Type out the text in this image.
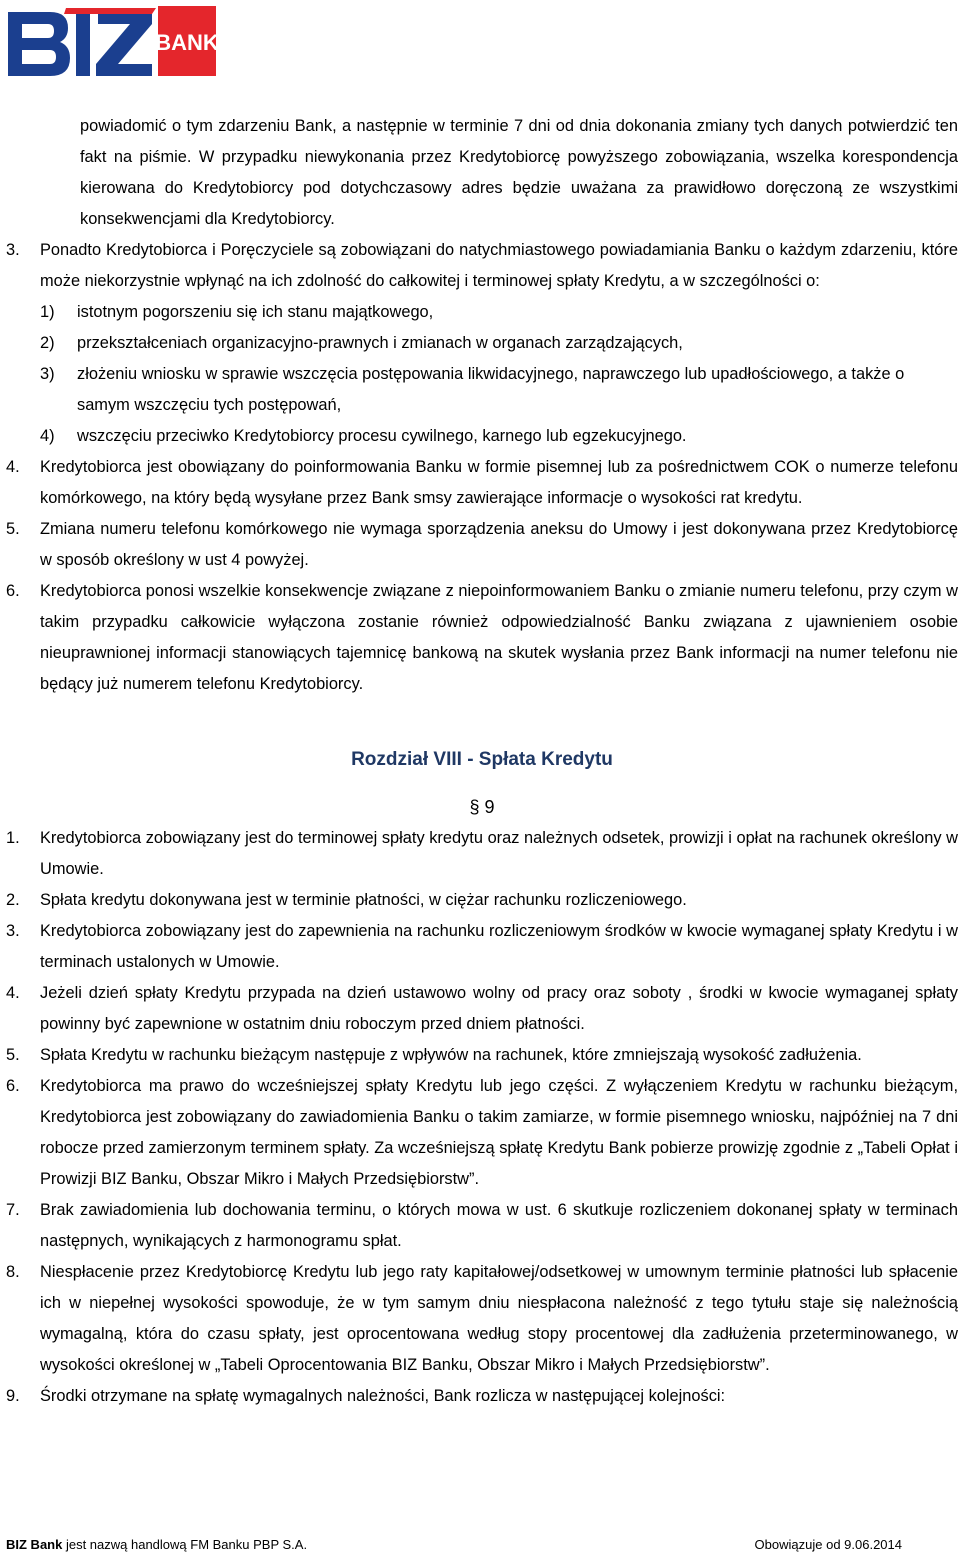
BANK

powiadomić o tym zdarzeniu Bank, a następnie w terminie 7 dni od dnia dokonania zmiany tych danych potwierdzić ten fakt na piśmie. W przypadku niewykonania przez Kredytobiorcę powyższego zobowiązania, wszelka korespondencja kierowana do Kredytobiorcy pod dotychczasowy adres będzie uważana za prawidłowo doręczoną ze wszystkimi konsekwencjami dla Kredytobiorcy.

3. Ponadto Kredytobiorca i Poręczyciele są zobowiązani do natychmiastowego powiadamiania Banku o każdym zdarzeniu, które może niekorzystnie wpłynąć na ich zdolność do całkowitej i terminowej spłaty Kredytu, a w szczególności o:
1) istotnym pogorszeniu się ich stanu majątkowego,
2) przekształceniach organizacyjno-prawnych i zmianach w organach zarządzających,
3) złożeniu wniosku w sprawie wszczęcia postępowania likwidacyjnego, naprawczego lub upadłościowego, a także o samym wszczęciu tych postępowań,
4) wszczęciu przeciwko Kredytobiorcy procesu cywilnego, karnego lub egzekucyjnego.
4. Kredytobiorca jest obowiązany do poinformowania Banku w formie pisemnej lub za pośrednictwem COK o numerze telefonu komórkowego, na który będą wysyłane przez Bank smsy zawierające informacje o wysokości rat kredytu.
5. Zmiana numeru telefonu komórkowego nie wymaga sporządzenia aneksu do Umowy i jest dokonywana przez Kredytobiorcę w sposób określony w ust 4 powyżej.
6. Kredytobiorca ponosi wszelkie konsekwencje związane z niepoinformowaniem Banku o zmianie numeru telefonu, przy czym w takim przypadku całkowicie wyłączona zostanie również odpowiedzialność Banku związana z ujawnieniem osobie nieuprawnionej informacji stanowiących tajemnicę bankową na skutek wysłania przez Bank informacji na numer telefonu nie będący już numerem telefonu Kredytobiorcy.
Rozdział VIII - Spłata Kredytu
§ 9
1. Kredytobiorca zobowiązany jest do terminowej spłaty kredytu oraz należnych odsetek, prowizji i opłat na rachunek określony w Umowie.
2. Spłata kredytu dokonywana jest w terminie płatności, w ciężar rachunku rozliczeniowego.
3. Kredytobiorca zobowiązany jest do zapewnienia na rachunku rozliczeniowym środków w kwocie wymaganej spłaty Kredytu i w terminach ustalonych w Umowie.
4. Jeżeli dzień spłaty Kredytu przypada na dzień ustawowo wolny od pracy oraz soboty , środki w kwocie wymaganej spłaty powinny być zapewnione w ostatnim dniu roboczym przed dniem płatności.
5. Spłata Kredytu w rachunku bieżącym następuje z wpływów na rachunek, które zmniejszają wysokość zadłużenia.
6. Kredytobiorca ma prawo do wcześniejszej spłaty Kredytu lub jego części. Z wyłączeniem Kredytu w rachunku bieżącym, Kredytobiorca jest zobowiązany do zawiadomienia Banku o takim zamiarze, w formie pisemnego wniosku, najpóźniej na 7 dni robocze przed zamierzonym terminem spłaty. Za wcześniejszą spłatę Kredytu Bank pobierze prowizję zgodnie z „Tabeli Opłat i Prowizji BIZ Banku, Obszar Mikro i Małych Przedsiębiorstw”.
7. Brak zawiadomienia lub dochowania terminu, o których mowa w ust. 6 skutkuje rozliczeniem dokonanej spłaty w terminach następnych, wynikających z harmonogramu spłat.
8. Niespłacenie przez Kredytobiorcę Kredytu lub jego raty kapitałowej/odsetkowej w umownym terminie płatności lub spłacenie ich w niepełnej wysokości spowoduje, że w tym samym dniu niespłacona należność z tego tytułu staje się należnością wymagalną, która do czasu spłaty, jest oprocentowana według stopy procentowej dla zadłużenia przeterminowanego, w wysokości określonej w „Tabeli Oprocentowania BIZ Banku, Obszar Mikro i Małych Przedsiębiorstw”.
9. Środki otrzymane na spłatę wymagalnych należności, Bank rozlicza w następującej kolejności:
BIZ Bank jest nazwą handlową FM Banku PBP S.A.	Obowiązuje od 9.06.2014
